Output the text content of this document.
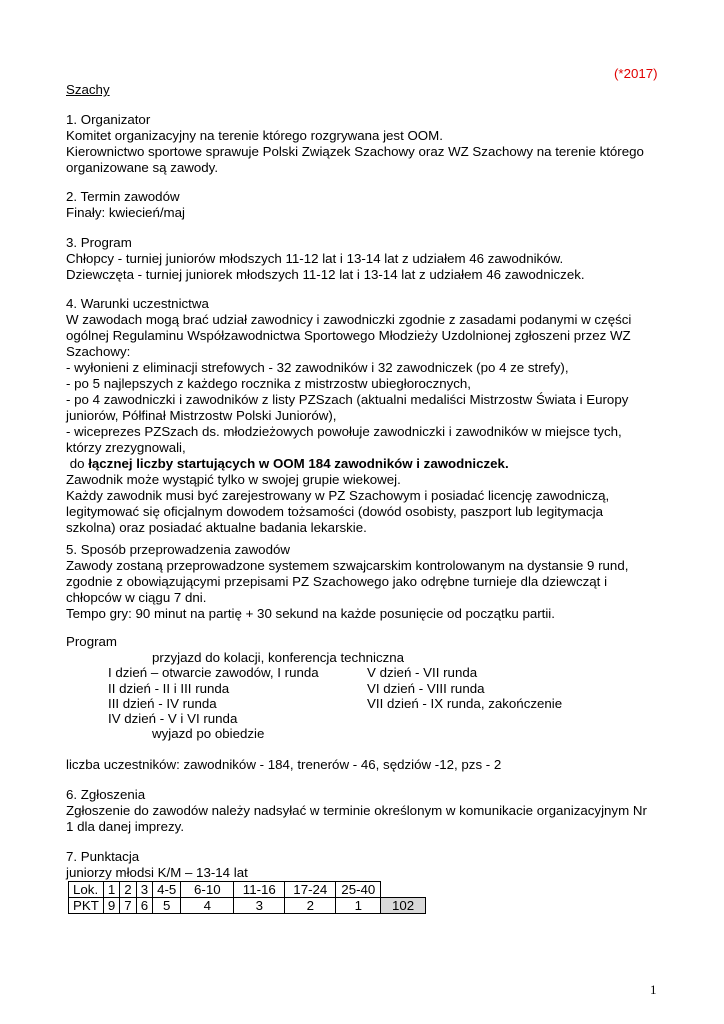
(*2017)
Szachy
1. Organizator
Komitet organizacyjny na terenie którego rozgrywana jest OOM.
Kierownictwo sportowe sprawuje Polski Związek Szachowy oraz WZ Szachowy na terenie którego
organizowane są zawody.
2. Termin zawodów
Finały: kwiecień/maj
3. Program
Chłopcy - turniej juniorów młodszych 11-12 lat i 13-14 lat z udziałem 46 zawodników.
Dziewczęta - turniej juniorek młodszych 11-12 lat i 13-14 lat z udziałem 46 zawodniczek.
4. Warunki uczestnictwa
W zawodach mogą brać udział zawodnicy i zawodniczki zgodnie z zasadami podanymi w części
ogólnej Regulaminu Współzawodnictwa Sportowego Młodzieży Uzdolnionej zgłoszeni przez WZ
Szachowy:
- wyłonieni z eliminacji strefowych - 32 zawodników i 32 zawodniczek (po 4 ze strefy),
- po 5 najlepszych z każdego rocznika z mistrzostw ubiegłorocznych,
- po 4 zawodniczki i zawodników z listy PZSzach (aktualni medaliści Mistrzostw Świata i Europy
juniorów, Półfinał Mistrzostw Polski Juniorów),
- wiceprezes PZSzach ds. młodzieżowych powołuje zawodniczki i zawodników w miejsce tych,
którzy zrezygnowali,
do łącznej liczby startujących w OOM 184 zawodników i zawodniczek.
Zawodnik może wystąpić tylko w swojej grupie wiekowej.
Każdy zawodnik musi być zarejestrowany w PZ Szachowym i posiadać licencję zawodniczą,
legitymować się oficjalnym dowodem tożsamości (dowód osobisty, paszport lub legitymacja
szkolna) oraz posiadać aktualne badania lekarskie.
5. Sposób przeprowadzenia zawodów
Zawody zostaną przeprowadzone systemem szwajcarskim kontrolowanym na dystansie 9 rund,
zgodnie z obowiązującymi przepisami PZ Szachowego jako odrębne turnieje dla dziewcząt i
chłopców w ciągu 7 dni.
Tempo gry: 90 minut na partię + 30 sekund na każde posunięcie od początku partii.
Program
przyjazd do kolacji, konferencja techniczna
I dzień – otwarcie zawodów, I runda
II dzień - II i III runda
III dzień - IV runda
IV dzień - V i VI runda
V dzień - VII runda
VI dzień - VIII runda
VII dzień - IX runda, zakończenie
wyjazd po obiedzie
liczba uczestników: zawodników - 184, trenerów - 46, sędziów -12, pzs - 2
6. Zgłoszenia
Zgłoszenie do zawodów należy nadsyłać w terminie określonym w komunikacie organizacyjnym Nr
1 dla danej imprezy.
7. Punktacja
juniorzy młodsi K/M – 13-14 lat
Lok.	1	2	3	4-5	6-10	11-16	17-24	25-40	
PKT	9	7	6	5	4	3	2	1	102
1
